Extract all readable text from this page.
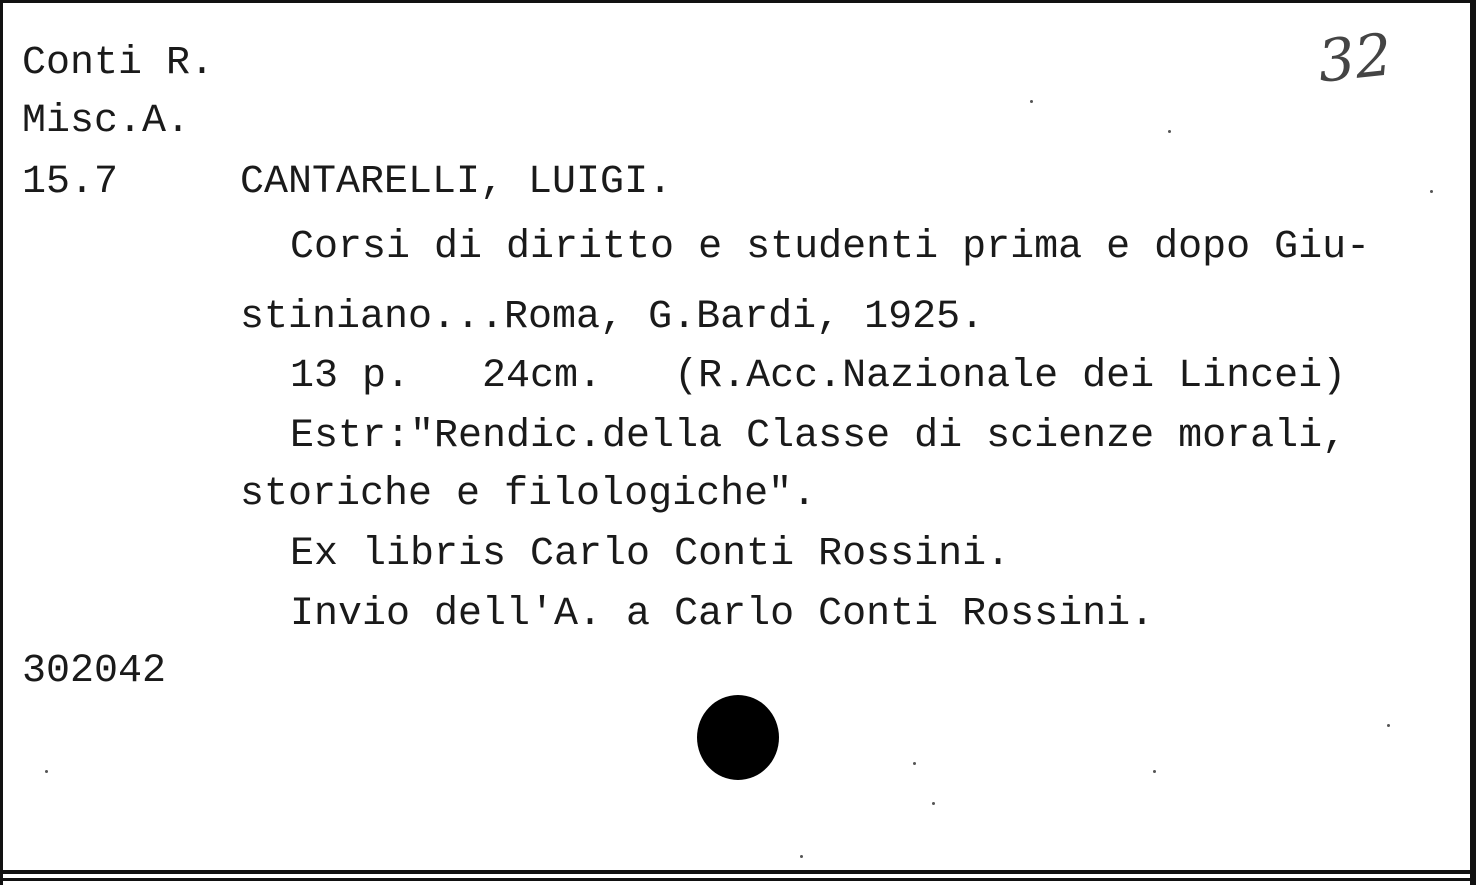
Conti R.
Misc.A.
15.7	CANTARELLI, LUIGI.
Corsi di diritto e studenti prima e dopo Giu-
stiniano...Roma, G.Bardi, 1925.
13 p.   24cm.   (R.Acc.Nazionale dei Lincei)
Estr:"Rendic.della Classe di scienze morali,
storiche e filologiche".
Ex libris Carlo Conti Rossini.
Invio dell'A. a Carlo Conti Rossini.
302042
32
